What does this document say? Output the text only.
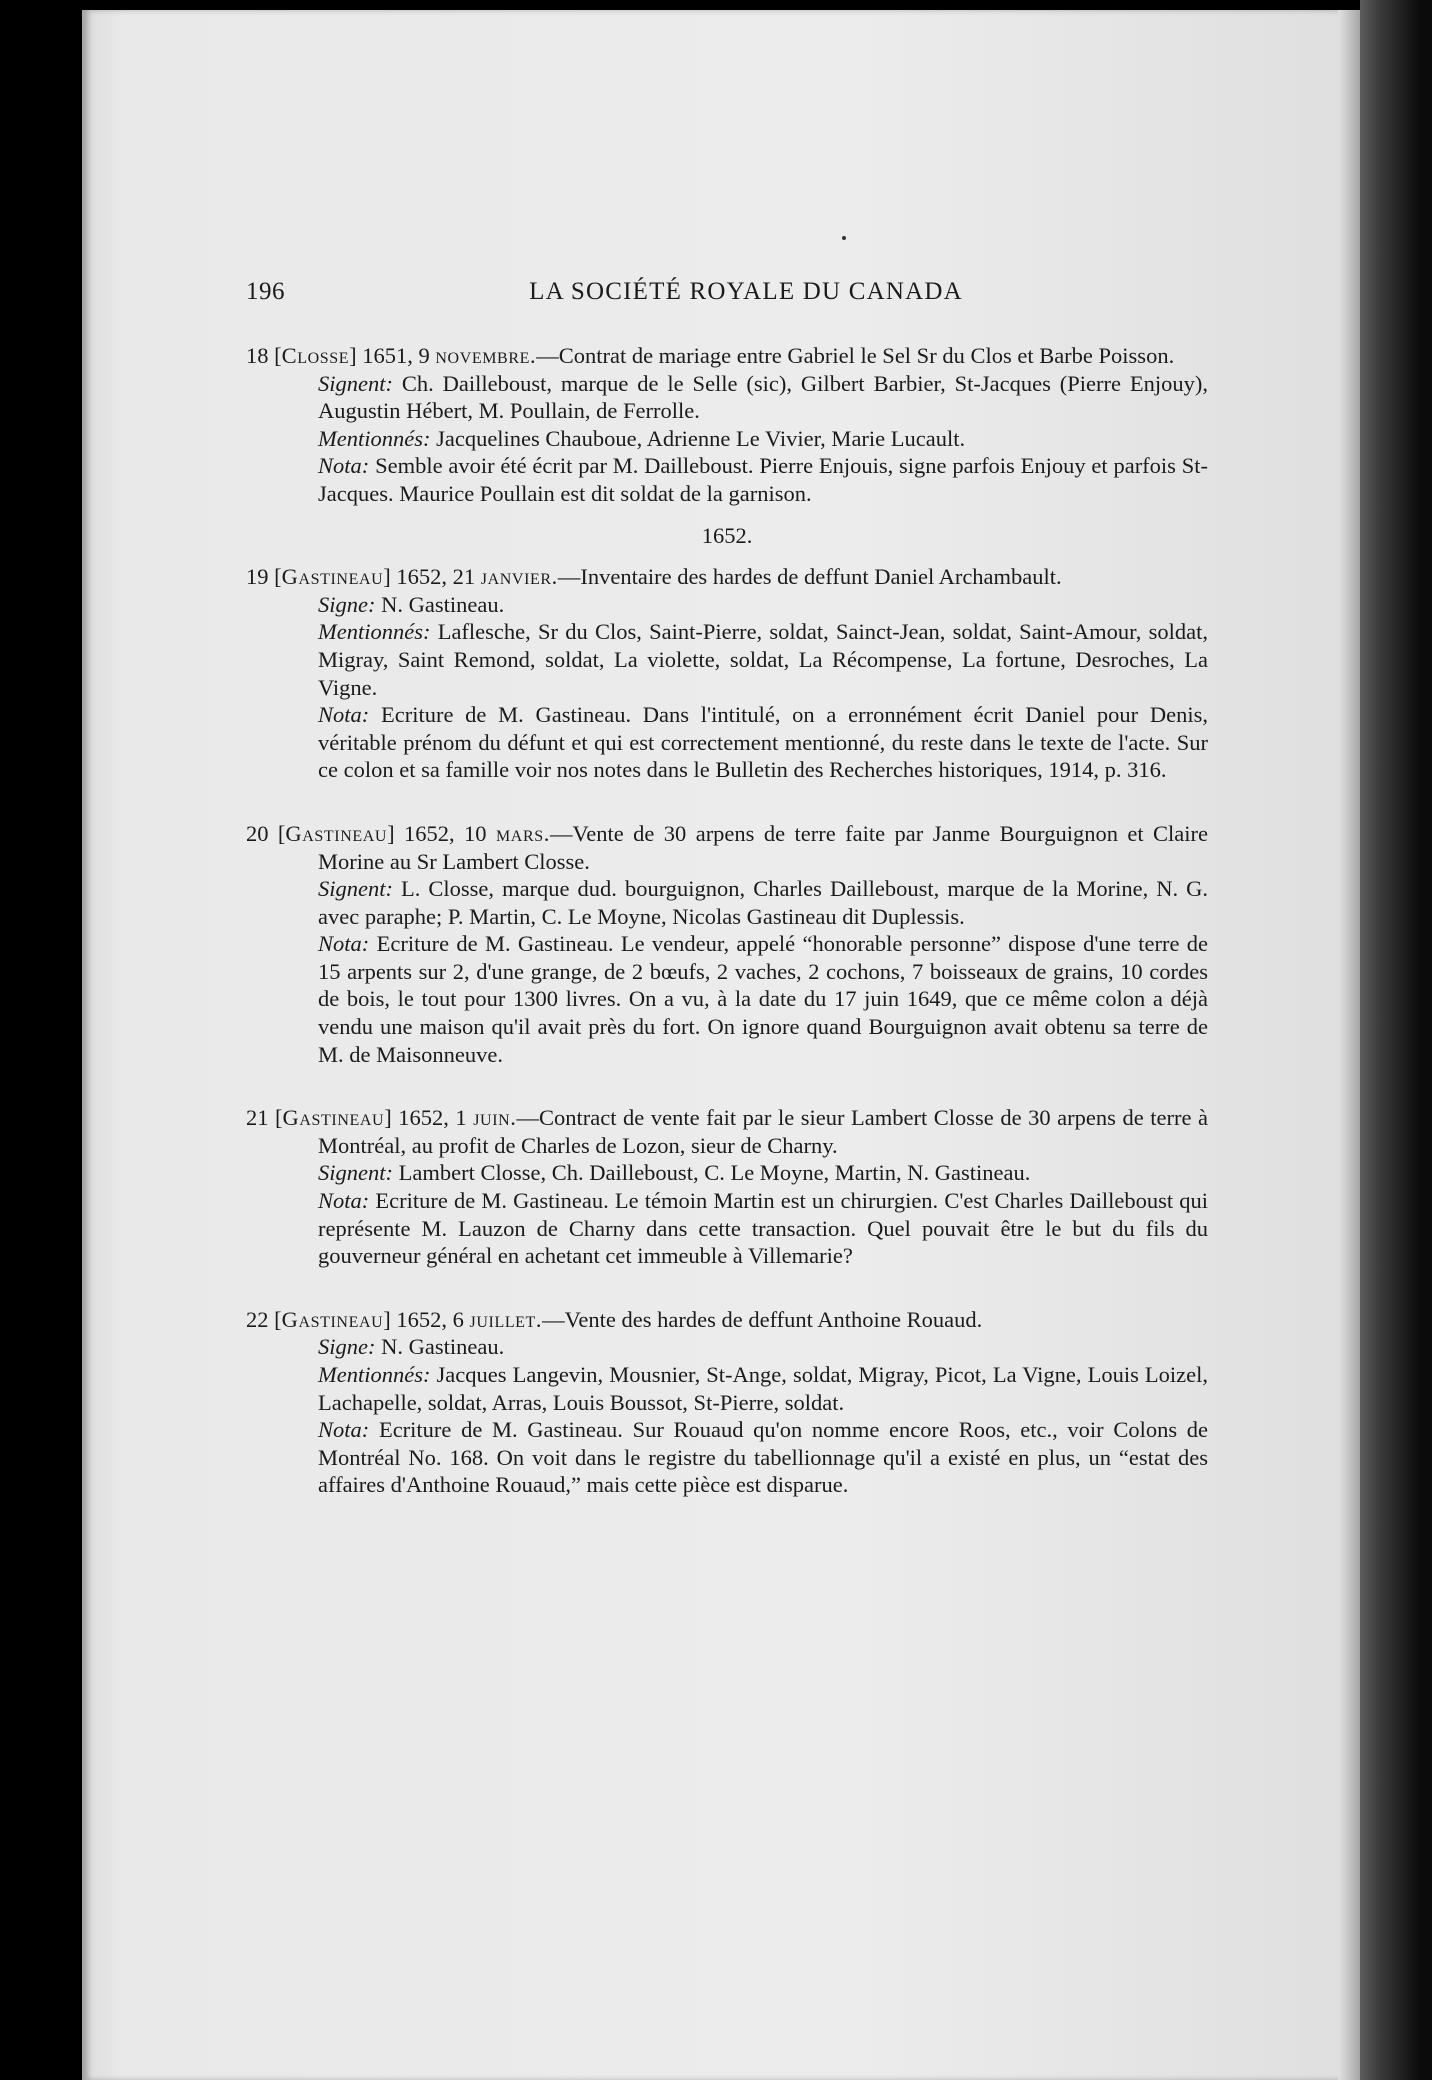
196	LA SOCIÉTÉ ROYALE DU CANADA

18 [Closse] 1651, 9 novembre.—Contrat de mariage entre Gabriel le Sel Sr du Clos et Barbe Poisson.

Signent: Ch. Dailleboust, marque de le Selle (sic), Gilbert Barbier, St-Jacques (Pierre Enjouy), Augustin Hébert, M. Poullain, de Ferrolle.

Mentionnés: Jacquelines Chauboue, Adrienne Le Vivier, Marie Lucault.

Nota: Semble avoir été écrit par M. Dailleboust. Pierre Enjouis, signe parfois Enjouy et parfois St- Jacques. Maurice Poullain est dit soldat de la garnison.

1652.

19 [Gastineau] 1652, 21 janvier.—Inventaire des hardes de deffunt Daniel Archambault.

Signe: N. Gastineau.

Mentionnés: Laflesche, Sr du Clos, Saint-Pierre, soldat, Sainct-Jean, soldat, Saint-Amour, soldat, Migray, Saint Remond, soldat, La violette, soldat, La Récompense, La fortune, Desroches, La Vigne.

Nota: Ecriture de M. Gastineau. Dans l'intitulé, on a erronnément écrit Daniel pour Denis, véritable prénom du défunt et qui est correctement mentionné, du reste dans le texte de l'acte. Sur ce colon et sa famille voir nos notes dans le Bulletin des Recherches historiques, 1914, p. 316.

20 [Gastineau] 1652, 10 mars.—Vente de 30 arpens de terre faite par Janme Bourguignon et Claire Morine au Sr Lambert Closse.

Signent: L. Closse, marque dud. bourguignon, Charles Dailleboust, marque de la Morine, N. G. avec paraphe; P. Martin, C. Le Moyne, Nicolas Gastineau dit Duplessis.

Nota: Ecriture de M. Gastineau. Le vendeur, appelé “honorable personne” dispose d'une terre de 15 arpents sur 2, d'une grange, de 2 bœufs, 2 vaches, 2 cochons, 7 boisseaux de grains, 10 cordes de bois, le tout pour 1300 livres. On a vu, à la date du 17 juin 1649, que ce même colon a déjà vendu une maison qu'il avait près du fort. On ignore quand Bourguignon avait obtenu sa terre de M. de Maisonneuve.

21 [Gastineau] 1652, 1 juin.—Contract de vente fait par le sieur Lambert Closse de 30 arpens de terre à Montréal, au profit de Charles de Lozon, sieur de Charny.

Signent: Lambert Closse, Ch. Dailleboust, C. Le Moyne, Martin, N. Gastineau.

Nota: Ecriture de M. Gastineau. Le témoin Martin est un chirurgien. C'est Charles Dailleboust qui représente M. Lauzon de Charny dans cette transaction. Quel pouvait être le but du fils du gouverneur général en achetant cet immeuble à Villemarie?

22 [Gastineau] 1652, 6 juillet.—Vente des hardes de deffunt Anthoine Rouaud.

Signe: N. Gastineau.

Mentionnés: Jacques Langevin, Mousnier, St-Ange, soldat, Migray, Picot, La Vigne, Louis Loizel, Lachapelle, soldat, Arras, Louis Boussot, St-Pierre, soldat.

Nota: Ecriture de M. Gastineau. Sur Rouaud qu'on nomme encore Roos, etc., voir Colons de Montréal No. 168. On voit dans le registre du tabellionnage qu'il a existé en plus, un “estat des affaires d'Anthoine Rouaud,” mais cette pièce est disparue.
